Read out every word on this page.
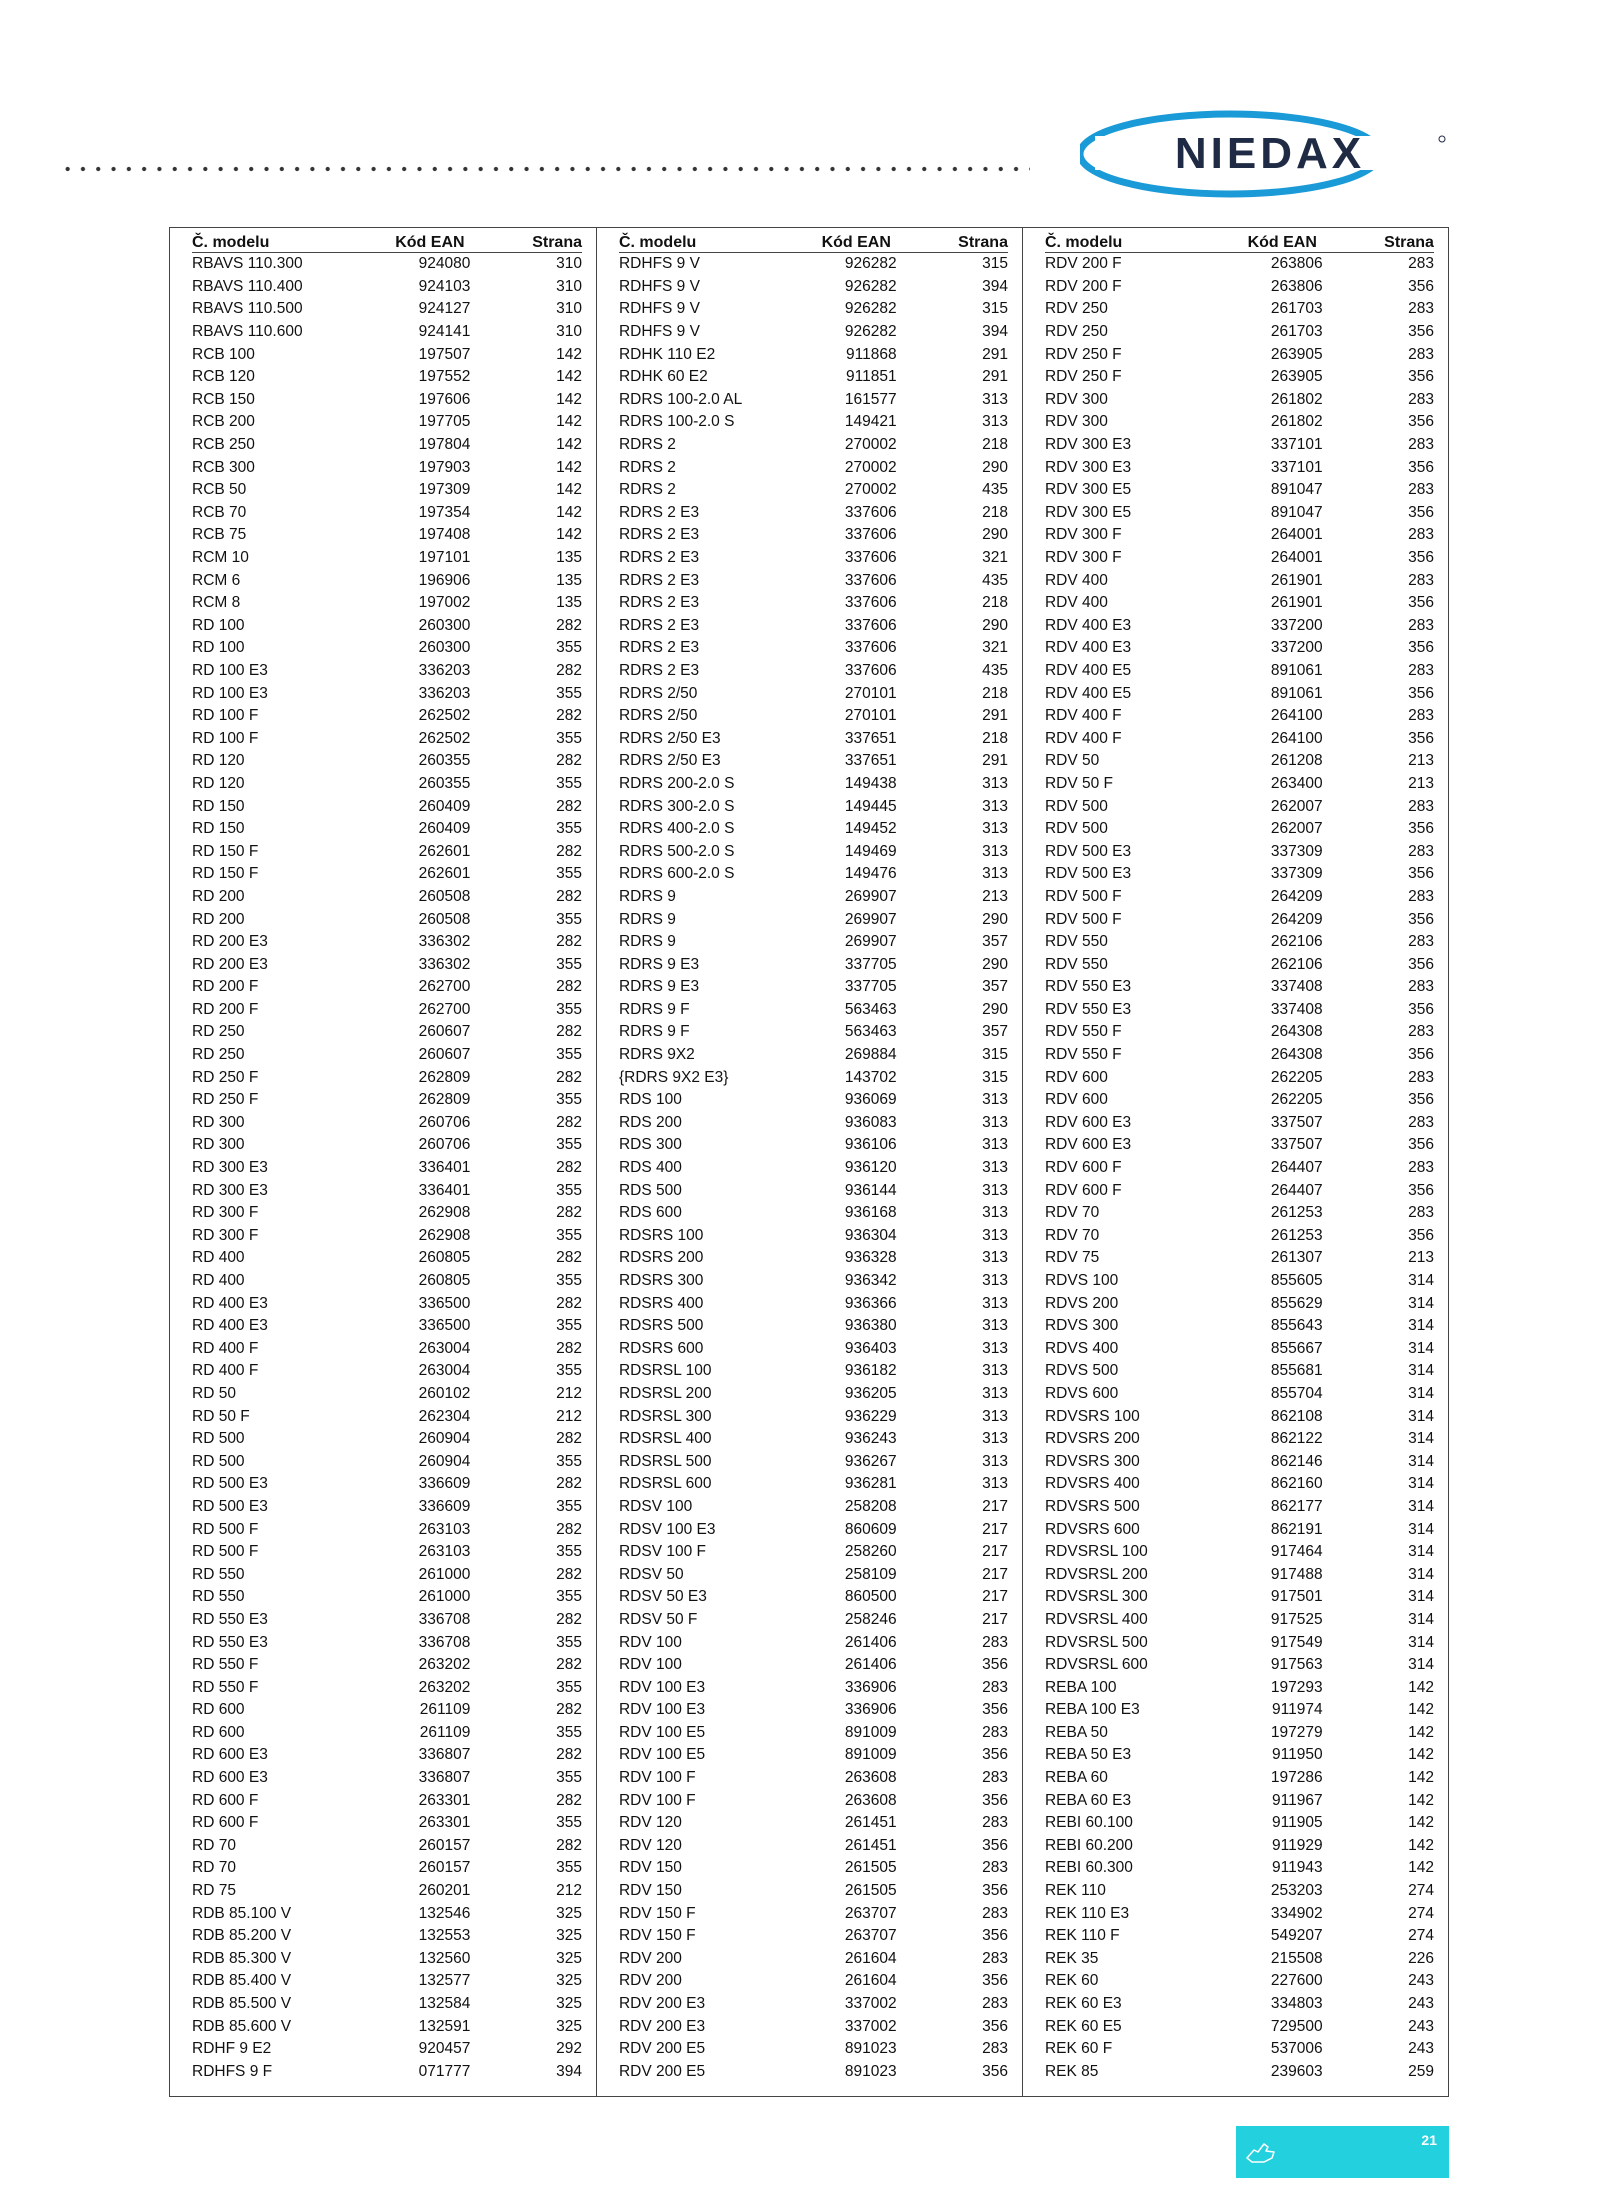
NIEDAX
Č. modelu	Kód EAN	Strana
RBAVS 110.300	924080	310
RBAVS 110.400	924103	310
RBAVS 110.500	924127	310
RBAVS 110.600	924141	310
RCB 100	197507	142
RCB 120	197552	142
RCB 150	197606	142
RCB 200	197705	142
RCB 250	197804	142
RCB 300	197903	142
RCB 50	197309	142
RCB 70	197354	142
RCB 75	197408	142
RCM 10	197101	135
RCM 6	196906	135
RCM 8	197002	135
RD 100	260300	282
RD 100	260300	355
RD 100 E3	336203	282
RD 100 E3	336203	355
RD 100 F	262502	282
RD 100 F	262502	355
RD 120	260355	282
RD 120	260355	355
RD 150	260409	282
RD 150	260409	355
RD 150 F	262601	282
RD 150 F	262601	355
RD 200	260508	282
RD 200	260508	355
RD 200 E3	336302	282
RD 200 E3	336302	355
RD 200 F	262700	282
RD 200 F	262700	355
RD 250	260607	282
RD 250	260607	355
RD 250 F	262809	282
RD 250 F	262809	355
RD 300	260706	282
RD 300	260706	355
RD 300 E3	336401	282
RD 300 E3	336401	355
RD 300 F	262908	282
RD 300 F	262908	355
RD 400	260805	282
RD 400	260805	355
RD 400 E3	336500	282
RD 400 E3	336500	355
RD 400 F	263004	282
RD 400 F	263004	355
RD 50	260102	212
RD 50 F	262304	212
RD 500	260904	282
RD 500	260904	355
RD 500 E3	336609	282
RD 500 E3	336609	355
RD 500 F	263103	282
RD 500 F	263103	355
RD 550	261000	282
RD 550	261000	355
RD 550 E3	336708	282
RD 550 E3	336708	355
RD 550 F	263202	282
RD 550 F	263202	355
RD 600	261109	282
RD 600	261109	355
RD 600 E3	336807	282
RD 600 E3	336807	355
RD 600 F	263301	282
RD 600 F	263301	355
RD 70	260157	282
RD 70	260157	355
RD 75	260201	212
RDB 85.100 V	132546	325
RDB 85.200 V	132553	325
RDB 85.300 V	132560	325
RDB 85.400 V	132577	325
RDB 85.500 V	132584	325
RDB 85.600 V	132591	325
RDHF 9 E2	920457	292
RDHFS 9 F	071777	394
Č. modelu	Kód EAN	Strana
RDHFS 9 V	926282	315
RDHFS 9 V	926282	394
RDHFS 9 V	926282	315
RDHFS 9 V	926282	394
RDHK 110 E2	911868	291
RDHK 60 E2	911851	291
RDRS 100-2.0 AL	161577	313
RDRS 100-2.0 S	149421	313
RDRS 2	270002	218
RDRS 2	270002	290
RDRS 2	270002	435
RDRS 2 E3	337606	218
RDRS 2 E3	337606	290
RDRS 2 E3	337606	321
RDRS 2 E3	337606	435
RDRS 2 E3	337606	218
RDRS 2 E3	337606	290
RDRS 2 E3	337606	321
RDRS 2 E3	337606	435
RDRS 2/50	270101	218
RDRS 2/50	270101	291
RDRS 2/50 E3	337651	218
RDRS 2/50 E3	337651	291
RDRS 200-2.0 S	149438	313
RDRS 300-2.0 S	149445	313
RDRS 400-2.0 S	149452	313
RDRS 500-2.0 S	149469	313
RDRS 600-2.0 S	149476	313
RDRS 9	269907	213
RDRS 9	269907	290
RDRS 9	269907	357
RDRS 9 E3	337705	290
RDRS 9 E3	337705	357
RDRS 9 F	563463	290
RDRS 9 F	563463	357
RDRS 9X2	269884	315
{RDRS 9X2 E3}	143702	315
RDS 100	936069	313
RDS 200	936083	313
RDS 300	936106	313
RDS 400	936120	313
RDS 500	936144	313
RDS 600	936168	313
RDSRS 100	936304	313
RDSRS 200	936328	313
RDSRS 300	936342	313
RDSRS 400	936366	313
RDSRS 500	936380	313
RDSRS 600	936403	313
RDSRSL 100	936182	313
RDSRSL 200	936205	313
RDSRSL 300	936229	313
RDSRSL 400	936243	313
RDSRSL 500	936267	313
RDSRSL 600	936281	313
RDSV 100	258208	217
RDSV 100 E3	860609	217
RDSV 100 F	258260	217
RDSV 50	258109	217
RDSV 50 E3	860500	217
RDSV 50 F	258246	217
RDV 100	261406	283
RDV 100	261406	356
RDV 100 E3	336906	283
RDV 100 E3	336906	356
RDV 100 E5	891009	283
RDV 100 E5	891009	356
RDV 100 F	263608	283
RDV 100 F	263608	356
RDV 120	261451	283
RDV 120	261451	356
RDV 150	261505	283
RDV 150	261505	356
RDV 150 F	263707	283
RDV 150 F	263707	356
RDV 200	261604	283
RDV 200	261604	356
RDV 200 E3	337002	283
RDV 200 E3	337002	356
RDV 200 E5	891023	283
RDV 200 E5	891023	356
Č. modelu	Kód EAN	Strana
RDV 200 F	263806	283
RDV 200 F	263806	356
RDV 250	261703	283
RDV 250	261703	356
RDV 250 F	263905	283
RDV 250 F	263905	356
RDV 300	261802	283
RDV 300	261802	356
RDV 300 E3	337101	283
RDV 300 E3	337101	356
RDV 300 E5	891047	283
RDV 300 E5	891047	356
RDV 300 F	264001	283
RDV 300 F	264001	356
RDV 400	261901	283
RDV 400	261901	356
RDV 400 E3	337200	283
RDV 400 E3	337200	356
RDV 400 E5	891061	283
RDV 400 E5	891061	356
RDV 400 F	264100	283
RDV 400 F	264100	356
RDV 50	261208	213
RDV 50 F	263400	213
RDV 500	262007	283
RDV 500	262007	356
RDV 500 E3	337309	283
RDV 500 E3	337309	356
RDV 500 F	264209	283
RDV 500 F	264209	356
RDV 550	262106	283
RDV 550	262106	356
RDV 550 E3	337408	283
RDV 550 E3	337408	356
RDV 550 F	264308	283
RDV 550 F	264308	356
RDV 600	262205	283
RDV 600	262205	356
RDV 600 E3	337507	283
RDV 600 E3	337507	356
RDV 600 F	264407	283
RDV 600 F	264407	356
RDV 70	261253	283
RDV 70	261253	356
RDV 75	261307	213
RDVS 100	855605	314
RDVS 200	855629	314
RDVS 300	855643	314
RDVS 400	855667	314
RDVS 500	855681	314
RDVS 600	855704	314
RDVSRS 100	862108	314
RDVSRS 200	862122	314
RDVSRS 300	862146	314
RDVSRS 400	862160	314
RDVSRS 500	862177	314
RDVSRS 600	862191	314
RDVSRSL 100	917464	314
RDVSRSL 200	917488	314
RDVSRSL 300	917501	314
RDVSRSL 400	917525	314
RDVSRSL 500	917549	314
RDVSRSL 600	917563	314
REBA 100	197293	142
REBA 100 E3	911974	142
REBA 50	197279	142
REBA 50 E3	911950	142
REBA 60	197286	142
REBA 60 E3	911967	142
REBI 60.100	911905	142
REBI 60.200	911929	142
REBI 60.300	911943	142
REK 110	253203	274
REK 110 E3	334902	274
REK 110 F	549207	274
REK 35	215508	226
REK 60	227600	243
REK 60 E3	334803	243
REK 60 E5	729500	243
REK 60 F	537006	243
REK 85	239603	259
21
